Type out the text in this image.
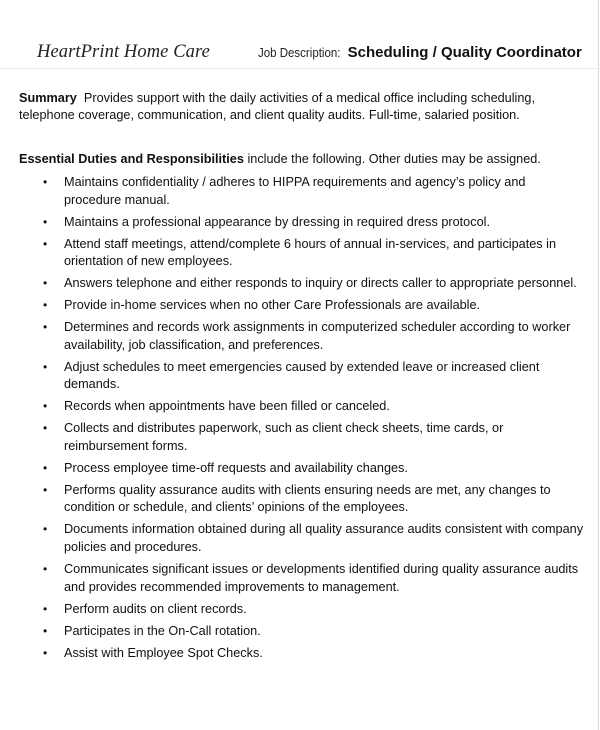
HeartPrint Home Care	Job Description: Scheduling / Quality Coordinator
Summary Provides support with the daily activities of a medical office including scheduling, telephone coverage, communication, and client quality audits. Full-time, salaried position.
Essential Duties and Responsibilities include the following. Other duties may be assigned.
• Maintains confidentiality / adheres to HIPPA requirements and agency’s policy and procedure manual.
• Maintains a professional appearance by dressing in required dress protocol.
• Attend staff meetings, attend/complete 6 hours of annual in-services, and participates in orientation of new employees.
• Answers telephone and either responds to inquiry or directs caller to appropriate personnel.
• Provide in-home services when no other Care Professionals are available.
• Determines and records work assignments in computerized scheduler according to worker availability, job classification, and preferences.
• Adjust schedules to meet emergencies caused by extended leave or increased client demands.
• Records when appointments have been filled or canceled.
• Collects and distributes paperwork, such as client check sheets, time cards, or reimbursement forms.
• Process employee time-off requests and availability changes.
• Performs quality assurance audits with clients ensuring needs are met, any changes to condition or schedule, and clients’ opinions of the employees.
• Documents information obtained during all quality assurance audits consistent with company policies and procedures.
• Communicates significant issues or developments identified during quality assurance audits and provides recommended improvements to management.
• Perform audits on client records.
• Participates in the On-Call rotation.
• Assist with Employee Spot Checks.
